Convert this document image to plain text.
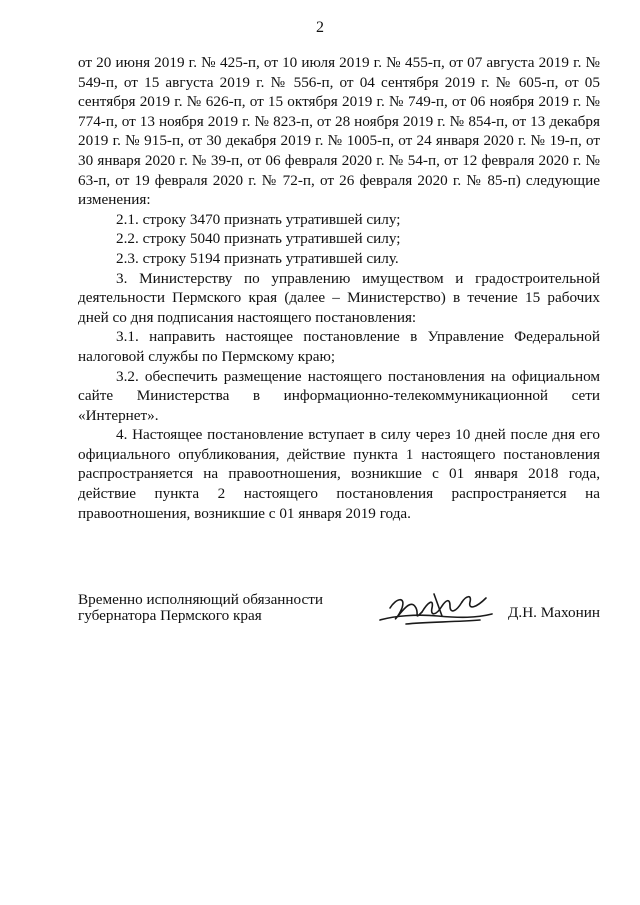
2

от 20 июня 2019 г. № 425-п, от 10 июля 2019 г. № 455-п, от 07 августа 2019 г. № 549-п, от 15 августа 2019 г. № 556-п, от 04 сентября 2019 г. № 605-п, от 05 сентября 2019 г. № 626-п, от 15 октября 2019 г. № 749-п, от 06 ноября 2019 г. № 774-п, от 13 ноября 2019 г. № 823-п, от 28 ноября 2019 г. № 854-п, от 13 декабря 2019 г. № 915-п, от 30 декабря 2019 г. № 1005-п, от 24 января 2020 г. № 19-п, от 30 января 2020 г. № 39-п, от 06 февраля 2020 г. № 54-п, от 12 февраля 2020 г. № 63-п, от 19 февраля 2020 г. № 72-п, от 26 февраля 2020 г. № 85-п) следующие изменения:

2.1. строку 3470 признать утратившей силу;

2.2. строку 5040 признать утратившей силу;

2.3. строку 5194 признать утратившей силу.

3. Министерству по управлению имуществом и градостроительной деятельности Пермского края (далее – Министерство) в течение 15 рабочих дней со дня подписания настоящего постановления:

3.1. направить настоящее постановление в Управление Федеральной налоговой службы по Пермскому краю;

3.2. обеспечить размещение настоящего постановления на официальном сайте Министерства в информационно-телекоммуникационной сети «Интернет».

4. Настоящее постановление вступает в силу через 10 дней после дня его официального опубликования, действие пункта 1 настоящего постановления распространяется на правоотношения, возникшие с 01 января 2018 года, действие пункта 2 настоящего постановления распространяется на правоотношения, возникшие с 01 января 2019 года.

Временно исполняющий обязанности
губернатора Пермского края	Д.Н. Махонин
